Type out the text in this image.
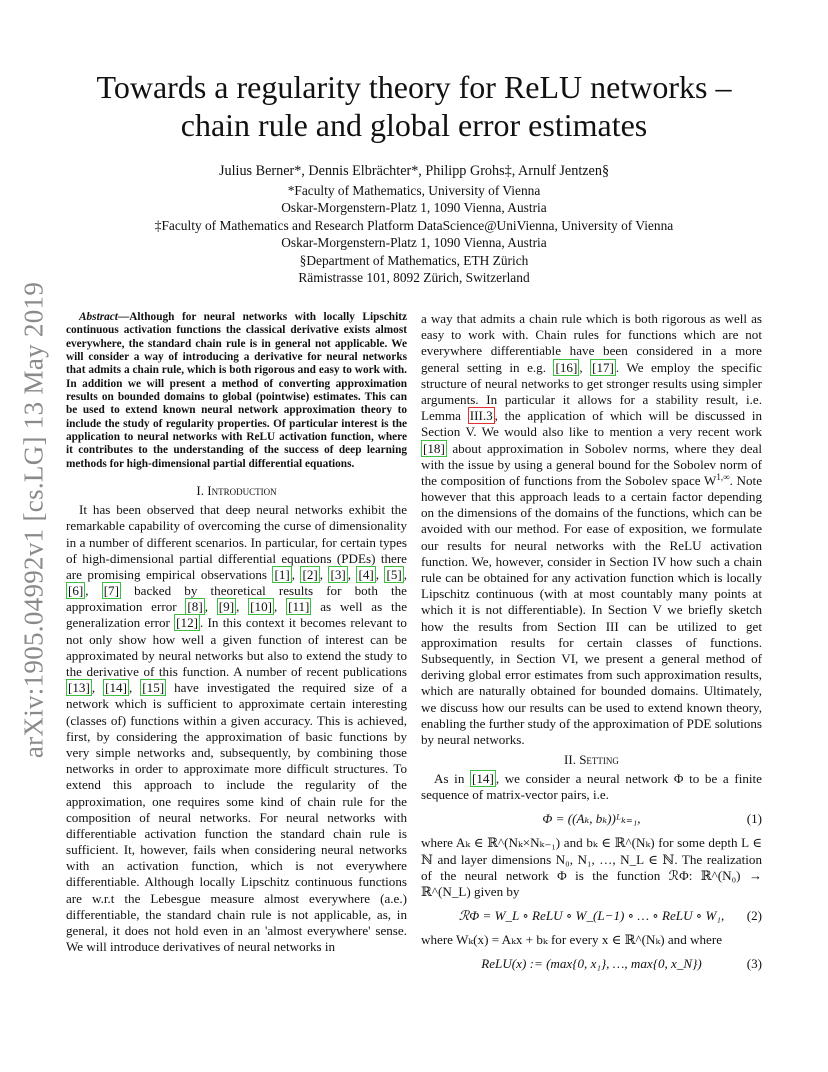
arXiv:1905.04992v1 [cs.LG] 13 May 2019
Towards a regularity theory for ReLU networks –
chain rule and global error estimates
Julius Berner*, Dennis Elbrächter*, Philipp Grohs‡, Arnulf Jentzen§
*Faculty of Mathematics, University of Vienna
Oskar-Morgenstern-Platz 1, 1090 Vienna, Austria
‡Faculty of Mathematics and Research Platform DataScience@UniVienna, University of Vienna
Oskar-Morgenstern-Platz 1, 1090 Vienna, Austria
§Department of Mathematics, ETH Zürich
Rämistrasse 101, 8092 Zürich, Switzerland

Abstract—Although for neural networks with locally Lipschitz continuous activation functions the classical derivative exists almost everywhere, the standard chain rule is in general not applicable. We will consider a way of introducing a derivative for neural networks that admits a chain rule, which is both rigorous and easy to work with. In addition we will present a method of converting approximation results on bounded domains to global (pointwise) estimates. This can be used to extend known neural network approximation theory to include the study of regularity properties. Of particular interest is the application to neural networks with ReLU activation function, where it contributes to the understanding of the success of deep learning methods for high-dimensional partial differential equations.

I. Introduction

It has been observed that deep neural networks exhibit the remarkable capability of overcoming the curse of dimensionality in a number of different scenarios. In particular, for certain types of high-dimensional partial differential equations (PDEs) there are promising empirical observations [1] , [2] , [3] , [4] , [5] , [6] , [7] backed by theoretical results for both the approximation error [8] , [9] , [10] , [11] as well as the generalization error [12] . In this context it becomes relevant to not only show how well a given function of interest can be approximated by neural networks but also to extend the study to the derivative of this function. A number of recent publications [13] , [14] , [15] have investigated the required size of a network which is sufficient to approximate certain interesting (classes of) functions within a given accuracy. This is achieved, first, by considering the approximation of basic functions by very simple networks and, subsequently, by combining those networks in order to approximate more difficult structures. To extend this approach to include the regularity of the approximation, one requires some kind of chain rule for the composition of neural networks. For neural networks with differentiable activation function the standard chain rule is sufficient. It, however, fails when considering neural networks with an activation function, which is not everywhere differentiable. Although locally Lipschitz continuous functions are w.r.t the Lebesgue measure almost everywhere (a.e.) differentiable, the standard chain rule is not applicable, as, in general, it does not hold even in an 'almost everywhere' sense. We will introduce derivatives of neural networks in

a way that admits a chain rule which is both rigorous as well as easy to work with. Chain rules for functions which are not everywhere differentiable have been considered in a more general setting in e.g. [16] , [17] . We employ the specific structure of neural networks to get stronger results using simpler arguments. In particular it allows for a stability result, i.e. Lemma III.3 , the application of which will be discussed in Section V. We would also like to mention a very recent work [18] about approximation in Sobolev norms, where they deal with the issue by using a general bound for the Sobolev norm of the composition of functions from the Sobolev space $W^{1,\infty}$. Note however that this approach leads to a certain factor depending on the dimensions of the domains of the functions, which can be avoided with our method. For ease of exposition, we formulate our results for neural networks with the ReLU activation function. We, however, consider in Section IV how such a chain rule can be obtained for any activation function which is locally Lipschitz continuous (with at most countably many points at which it is not differentiable). In Section V we briefly sketch how the results from Section III can be utilized to get approximation results for certain classes of functions. Subsequently, in Section VI, we present a general method of deriving global error estimates from such approximation results, which are naturally obtained for bounded domains. Ultimately, we discuss how our results can be used to extend known theory, enabling the further study of the approximation of PDE solutions by neural networks.

II. Setting

As in [14] , we consider a neural network Φ to be a finite sequence of matrix-vector pairs, i.e.

Φ = ((Aₖ, bₖ))ᴸₖ₌₁,	(1)

where Aₖ ∈ ℝ^(Nₖ×Nₖ₋₁) and bₖ ∈ ℝ^(Nₖ) for some depth L ∈ ℕ and layer dimensions N₀, N₁, …, N_L ∈ ℕ. The realization of the neural network Φ is the function ℛΦ: ℝ^(N₀) → ℝ^(N_L) given by

ℛΦ = W_L ∘ ReLU ∘ W_(L−1) ∘ … ∘ ReLU ∘ W₁, (2)

where Wₖ(x) = Aₖx + bₖ for every x ∈ ℝ^(Nₖ) and where

ReLU(x) := (max{0, x₁}, …, max{0, x_N})	(3)
